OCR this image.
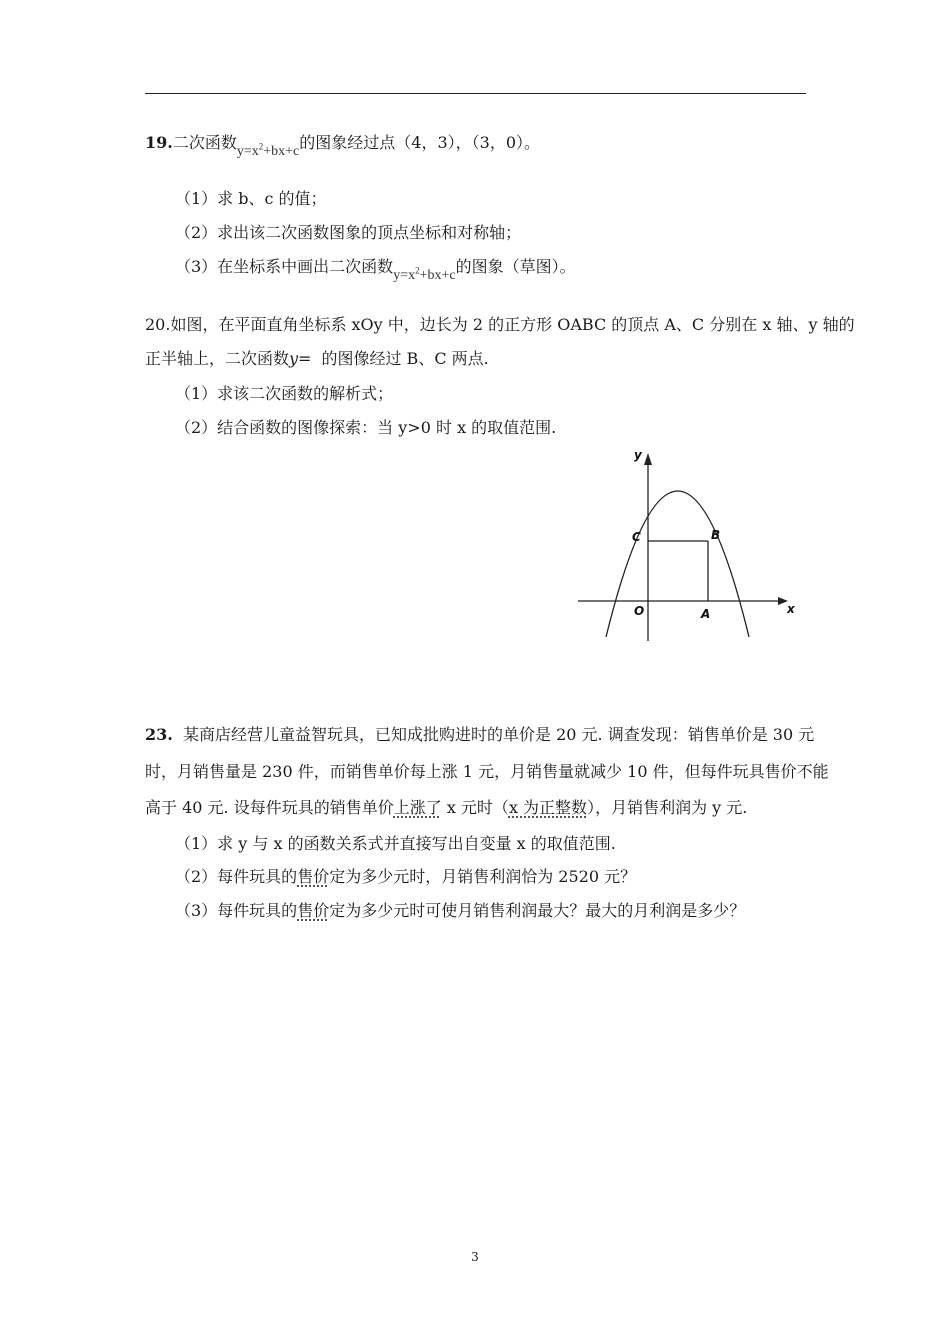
19.二次函数$y=x^2+bx+c$的图象经过点（4，3），（3，0）。
（1）求 b、c 的值；
（2）求出该二次函数图象的顶点坐标和对称轴；
（3）在坐标系中画出二次函数$y=x^2+bx+c$的图象（草图）。
20.如图，在平面直角坐标系 xOy 中，边长为 2 的正方形 OABC 的顶点 A、C 分别在 x 轴、y 轴的
正半轴上，二次函数y= 的图像经过 B、C 两点.
（1）求该二次函数的解析式；
（2）结合函数的图像探索：当 y>0 时 x 的取值范围.
y
x
O	A
B
C
23. 某商店经营儿童益智玩具，已知成批购进时的单价是 20 元. 调查发现：销售单价是 30 元
时，月销售量是 230 件，而销售单价每上涨 1 元，月销售量就减少 10 件，但每件玩具售价不能
高于 40 元. 设每件玩具的销售单价上涨了 x 元时（x 为正整数），月销售利润为 y 元.
（1）求 y 与 x 的函数关系式并直接写出自变量 x 的取值范围.
（2）每件玩具的售价定为多少元时，月销售利润恰为 2520 元？
（3）每件玩具的售价定为多少元时可使月销售利润最大？最大的月利润是多少？
3
